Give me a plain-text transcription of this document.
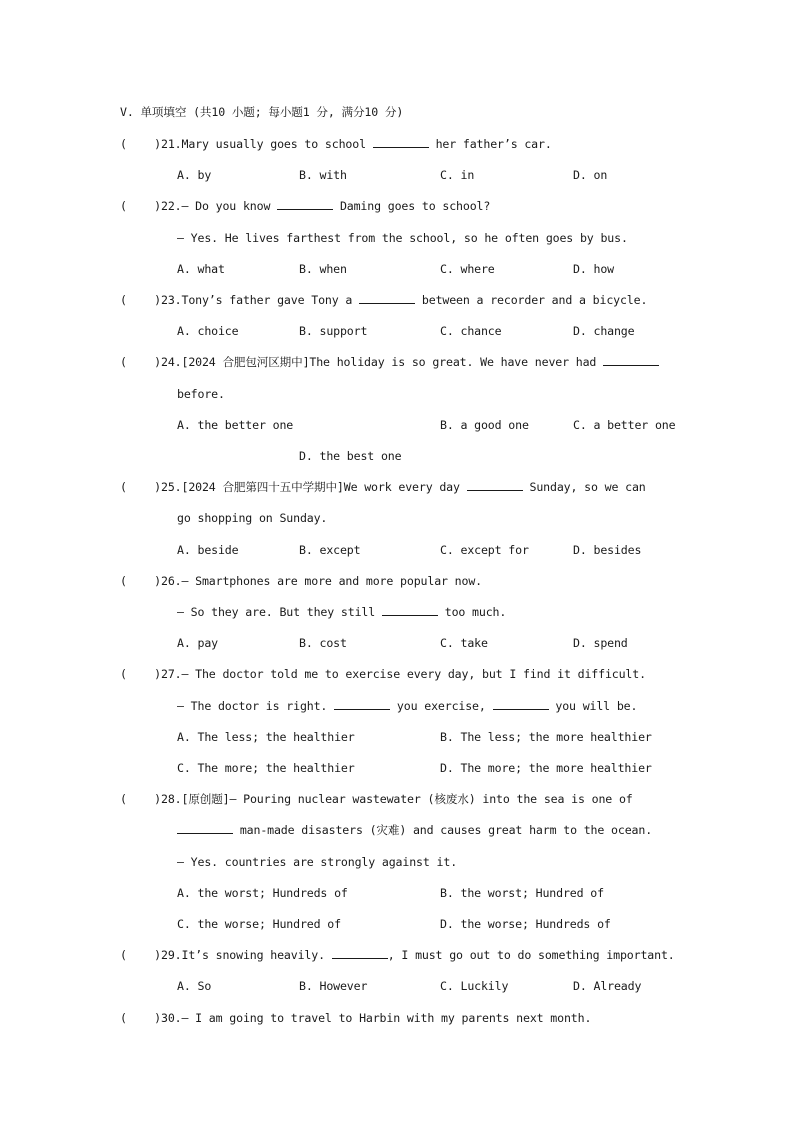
V. 单项填空 (共10 小题; 每小题1 分, 满分10 分)
(    )21.Mary usually goes to school	her father’s car.
A. by	B. with	C. in	D. on
(    )22.— Do you know	Daming goes to school?
— Yes. He lives farthest from the school, so he often goes by bus.
A. what	B. when	C. where	D. how
(    )23.Tony’s father gave Tony a	between a recorder and a bicycle.
A. choice	B. support	C. chance	D. change
(    )24.[2024 合肥包河区期中]The holiday is so great. We have never had
before.
A. the better one	B. a good one	C. a better one
D. the best one
(    )25.[2024 合肥第四十五中学期中]We work every day	Sunday, so we can
go shopping on Sunday.
A. beside	B. except	C. except for	D. besides
(    )26.— Smartphones are more and more popular now.
— So they are. But they still	too much.
A. pay	B. cost	C. take	D. spend
(    )27.— The doctor told me to exercise every day, but I find it difficult.
— The doctor is right.	you exercise,	you will be.
A. The less; the healthier	B. The less; the more healthier
C. The more; the healthier	D. The more; the more healthier
(    )28.[原创题]— Pouring nuclear wastewater (核废水) into the sea is one of
man-made disasters (灾难) and causes great harm to the ocean.
— Yes. countries are strongly against it.
A. the worst; Hundreds of	B. the worst; Hundred of
C. the worse; Hundred of	D. the worse; Hundreds of
(    )29.It’s snowing heavily.	, I must go out to do something important.
A. So	B. However	C. Luckily	D. Already
(    )30.— I am going to travel to Harbin with my parents next month.
